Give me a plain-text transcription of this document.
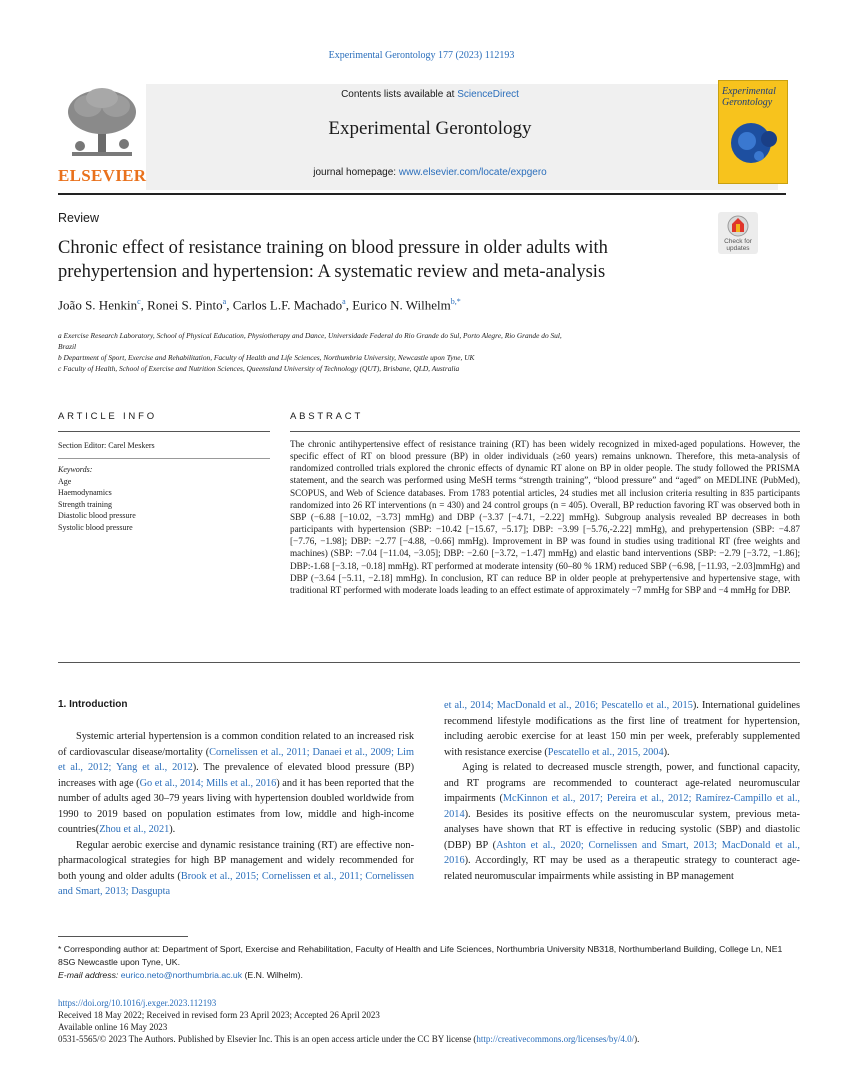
Experimental Gerontology 177 (2023) 112193
ELSEVIER
Contents lists available at ScienceDirect
Experimental Gerontology
journal homepage: www.elsevier.com/locate/expgero
Experimental Gerontology
Review
Check for updates
Chronic effect of resistance training on blood pressure in older adults with prehypertension and hypertension: A systematic review and meta-analysis
João S. Henkin$^c$, Ronei S. Pinto$^a$, Carlos L.F. Machado$^a$, Eurico N. Wilhelm$^{b,*}$
a Exercise Research Laboratory, School of Physical Education, Physiotherapy and Dance, Universidade Federal do Rio Grande do Sul, Porto Alegre, Rio Grande do Sul,
Brazil
b Department of Sport, Exercise and Rehabilitation, Faculty of Health and Life Sciences, Northumbria University, Newcastle upon Tyne, UK
c Faculty of Health, School of Exercise and Nutrition Sciences, Queensland University of Technology (QUT), Brisbane, QLD, Australia
ARTICLE INFO	ABSTRACT
Section Editor: Carel Meskers
Keywords:
Age
Haemodynamics
Strength training
Diastolic blood pressure
Systolic blood pressure
The chronic antihypertensive effect of resistance training (RT) has been widely recognized in mixed-aged populations. However, the specific effect of RT on blood pressure (BP) in older individuals (≥60 years) remains unknown. Therefore, this meta-analysis of randomized controlled trials explored the chronic effects of dynamic RT alone on BP in older people. The study followed the PRISMA statement, and the search was performed using MeSH terms “strength training”, “blood pressure” and “aged” on MEDLINE (PubMed), SCOPUS, and Web of Science databases. From 1783 potential articles, 24 studies met all inclusion criteria resulting in 835 participants randomized into 26 RT interventions (n = 430) and 24 control groups (n = 405). Overall, BP reduction favoring RT was observed both in SBP (−6.88 [−10.02, −3.73] mmHg) and DBP (−3.37 [−4.71, −2.22] mmHg). Subgroup analysis revealed BP decreases in both participants with hypertension (SBP: −10.42 [−15.67, −5.17]; DBP: −3.99 [−5.76,-2.22] mmHg), and prehypertension (SBP: −4.87 [−7.76, −1.98]; DBP: −2.77 [−4.88, −0.66] mmHg). Improvement in BP was found in studies using traditional RT (free weights and machines) (SBP: −7.04 [−11.04, −3.05]; DBP: −2.60 [−3.72, −1.47] mmHg) and elastic band interventions (SBP: −2.79 [−3.72, −1.86]; DBP:-1.68 [−3.18, −0.18] mmHg). RT performed at moderate intensity (60–80 % 1RM) reduced SBP (−6.98, [−11.93, −2.03]mmHg) and DBP (−3.64 [−5.11, −2.18] mmHg). In conclusion, RT can reduce BP in older people at prehypertensive and hypertensive stage, with traditional RT performed with moderate loads leading to an effect estimate of approximately −7 mmHg for SBP and −4 mmHg for DBP.
1. Introduction

Systemic arterial hypertension is a common condition related to an increased risk of cardiovascular disease/mortality (Cornelissen et al., 2011; Danaei et al., 2009; Lim et al., 2012; Yang et al., 2012). The prevalence of elevated blood pressure (BP) increases with age (Go et al., 2014; Mills et al., 2016) and it has been reported that the number of adults aged 30–79 years living with hypertension doubled worldwide from 1990 to 2019 based on population estimates from low, middle and high-income countries(Zhou et al., 2021).

Regular aerobic exercise and dynamic resistance training (RT) are effective non-pharmacological strategies for high BP management and widely recommended for both young and older adults (Brook et al., 2015; Cornelissen et al., 2011; Cornelissen and Smart, 2013; Dasgupta

et al., 2014; MacDonald et al., 2016; Pescatello et al., 2015). International guidelines recommend lifestyle modifications as the first line of treatment for hypertension, including aerobic exercise for at least 150 min per week, preferably supplemented with resistance exercise (Pescatello et al., 2015, 2004).

Aging is related to decreased muscle strength, power, and functional capacity, and RT programs are recommended to counteract age-related neuromuscular impairments (McKinnon et al., 2017; Pereira et al., 2012; Ramírez-Campillo et al., 2014). Besides its positive effects on the neuromuscular system, previous meta-analyses have shown that RT is effective in reducing systolic (SBP) and diastolic (DBP) BP (Ashton et al., 2020; Cornelissen and Smart, 2013; MacDonald et al., 2016). Accordingly, RT may be used as a therapeutic strategy to counteract age-related neuromuscular impairments while assisting in BP management

* Corresponding author at: Department of Sport, Exercise and Rehabilitation, Faculty of Health and Life Sciences, Northumbria University NB318, Northumberland Building, College Ln, NE1 8SG Newcastle upon Tyne, UK.

E-mail address: eurico.neto@northumbria.ac.uk (E.N. Wilhelm).

https://doi.org/10.1016/j.exger.2023.112193

Received 18 May 2022; Received in revised form 23 April 2023; Accepted 26 April 2023

Available online 16 May 2023

0531-5565/© 2023 The Authors. Published by Elsevier Inc. This is an open access article under the CC BY license (http://creativecommons.org/licenses/by/4.0/).
